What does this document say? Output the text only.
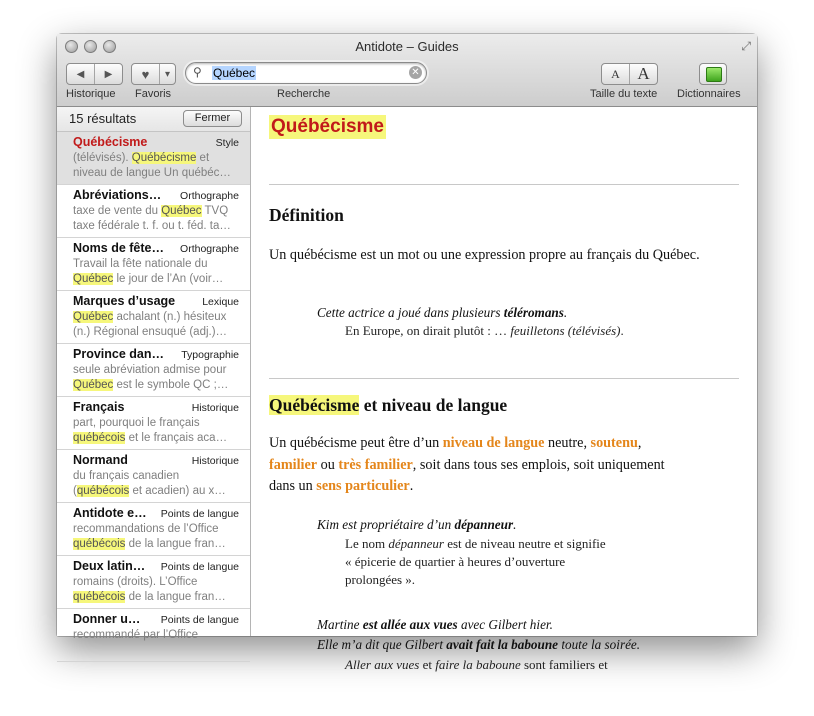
Antidote – Guides	⤢
◀	▶
Historique
♥	▾
Favoris
⚲ Québec	✕
Recherche
A	A
Taille du texte Dictionnaires
15 résultats	Fermer
Québécisme	Style
(télévisés). Québécisme et
niveau de langue Un québéc…
Abréviations…	Orthographe
taxe de vente du Québec TVQ
taxe fédérale t. f. ou t. féd. ta…
Noms de fête…	Orthographe
Travail la fête nationale du
Québec le jour de l’An (voir…
Marques d’usage	Lexique
Québec achalant (n.) hésiteux
(n.) Régional ensuqué (adj.)…
Province dan…	Typographie
seule abréviation admise pour
Québec est le symbole QC ;…
Français	Historique
part, pourquoi le français
québécois et le français aca…
Normand	Historique
du français canadien
(québécois et acadien) au x…
Antidote e…	Points de langue
recommandations de l’Office
québécois de la langue fran…
Deux latin…	Points de langue
romains (droits). L’Office
québécois de la langue fran…
Donner u…	Points de langue
recommandé par l’Office

Québécisme
Définition
Un québécisme est un mot ou une expression propre au français du Québec.
Cette actrice a joué dans plusieurs téléromans.
En Europe, on dirait plutôt : … feuilletons (télévisés).
Québécisme et niveau de langue
Un québécisme peut être d’un niveau de langue neutre, soutenu,
familier ou très familier, soit dans tous ses emplois, soit uniquement
dans un sens particulier.
Kim est propriétaire d’un dépanneur.
Le nom dépanneur est de niveau neutre et signifie
« épicerie de quartier à heures d’ouverture
prolongées ».
Martine est allée aux vues avec Gilbert hier.
Elle m’a dit que Gilbert avait fait la baboune toute la soirée.
Aller aux vues et faire la baboune sont familiers et
